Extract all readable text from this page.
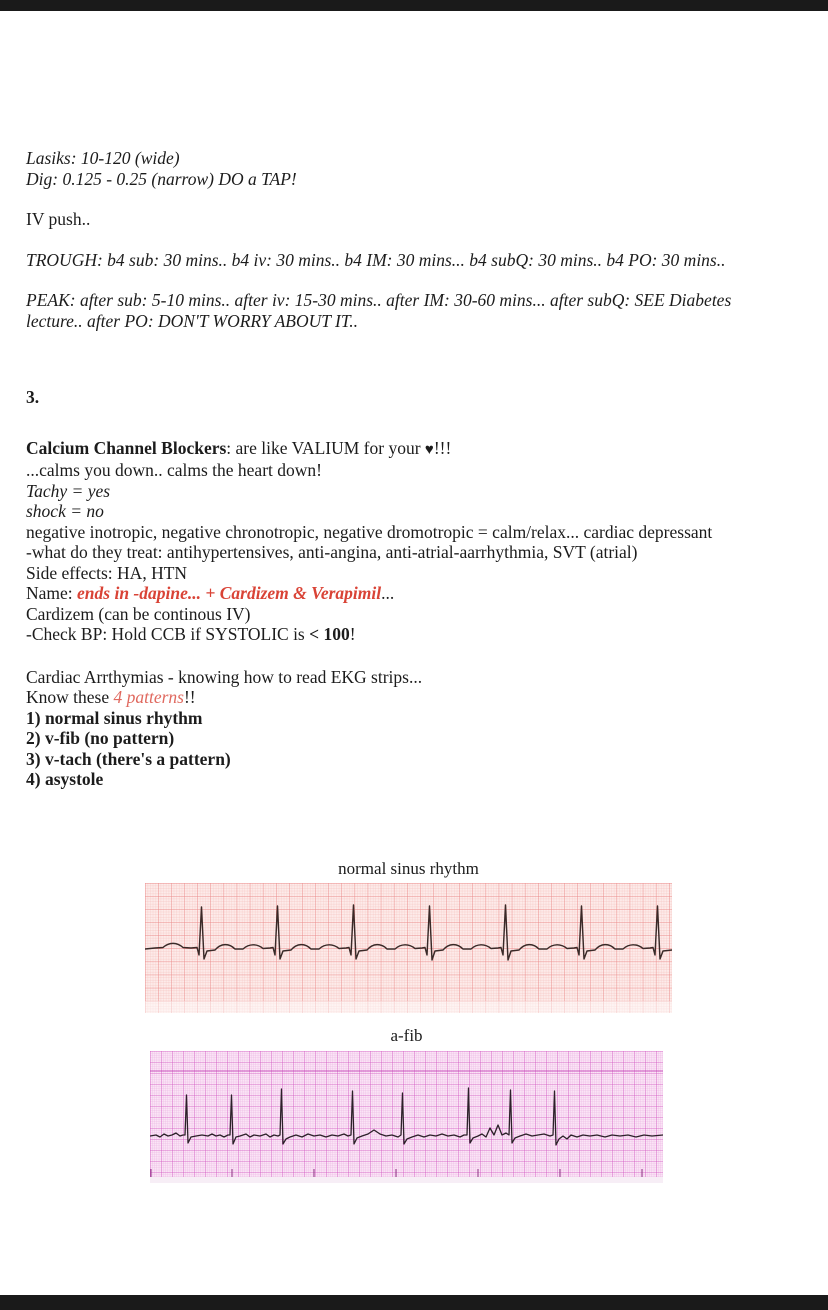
Lasiks: 10-120 (wide)

Dig: 0.125 - 0.25 (narrow) DO a TAP!

IV push..

TROUGH: b4 sub: 30 mins.. b4 iv: 30 mins.. b4 IM: 30 mins... b4 subQ: 30 mins.. b4 PO: 30 mins..

PEAK: after sub: 5-10 mins.. after iv: 15-30 mins.. after IM: 30-60 mins... after subQ: SEE Diabetes lecture.. after PO: DON'T WORRY ABOUT IT..

3.

Calcium Channel Blockers: are like VALIUM for your ♥!!!

...calms you down.. calms the heart down!

Tachy = yes

shock = no

negative inotropic, negative chronotropic, negative dromotropic = calm/relax... cardiac depressant

-what do they treat: antihypertensives, anti-angina, anti-atrial-aarrhythmia, SVT (atrial)

Side effects: HA, HTN

Name: ends in -dapine... + Cardizem & Verapimil...

Cardizem (can be continous IV)

-Check BP: Hold CCB if SYSTOLIC is < 100!

Cardiac Arrthymias - knowing how to read EKG strips...

Know these 4 patterns!!

1) normal sinus rhythm

2) v-fib (no pattern)

3) v-tach (there's a pattern)

4) asystole

normal sinus rhythm
a-fib
